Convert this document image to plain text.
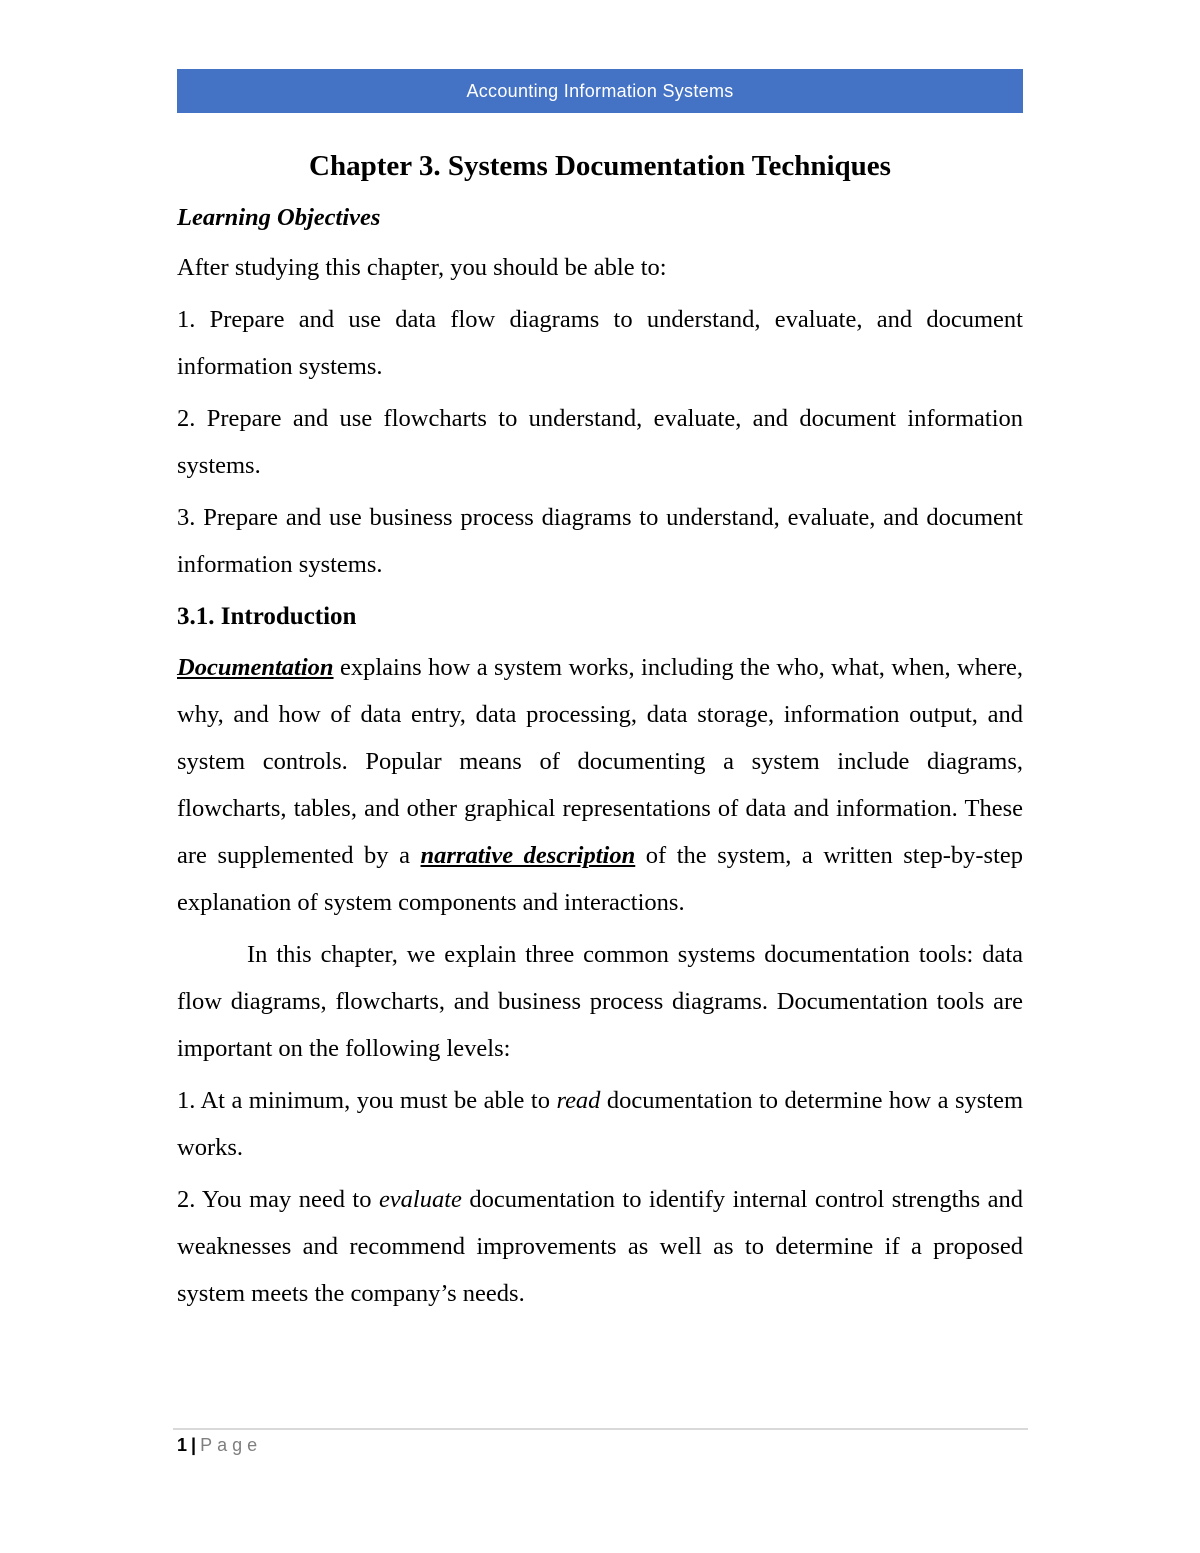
Accounting Information Systems
Chapter 3. Systems Documentation Techniques
Learning Objectives

After studying this chapter, you should be able to:

1. Prepare and use data flow diagrams to understand, evaluate, and document information systems.

2. Prepare and use flowcharts to understand, evaluate, and document information systems.

3. Prepare and use business process diagrams to understand, evaluate, and document information systems.

3.1. Introduction

Documentation explains how a system works, including the who, what, when, where, why, and how of data entry, data processing, data storage, information output, and system controls. Popular means of documenting a system include diagrams, flowcharts, tables, and other graphical representations of data and information. These are supplemented by a narrative description of the system, a written step-by-step explanation of system components and interactions.

In this chapter, we explain three common systems documentation tools: data flow diagrams, flowcharts, and business process diagrams. Documentation tools are important on the following levels:

1. At a minimum, you must be able to read documentation to determine how a system works.

2. You may need to evaluate documentation to identify internal control strengths and weaknesses and recommend improvements as well as to determine if a proposed system meets the company’s needs.

1 | Page
